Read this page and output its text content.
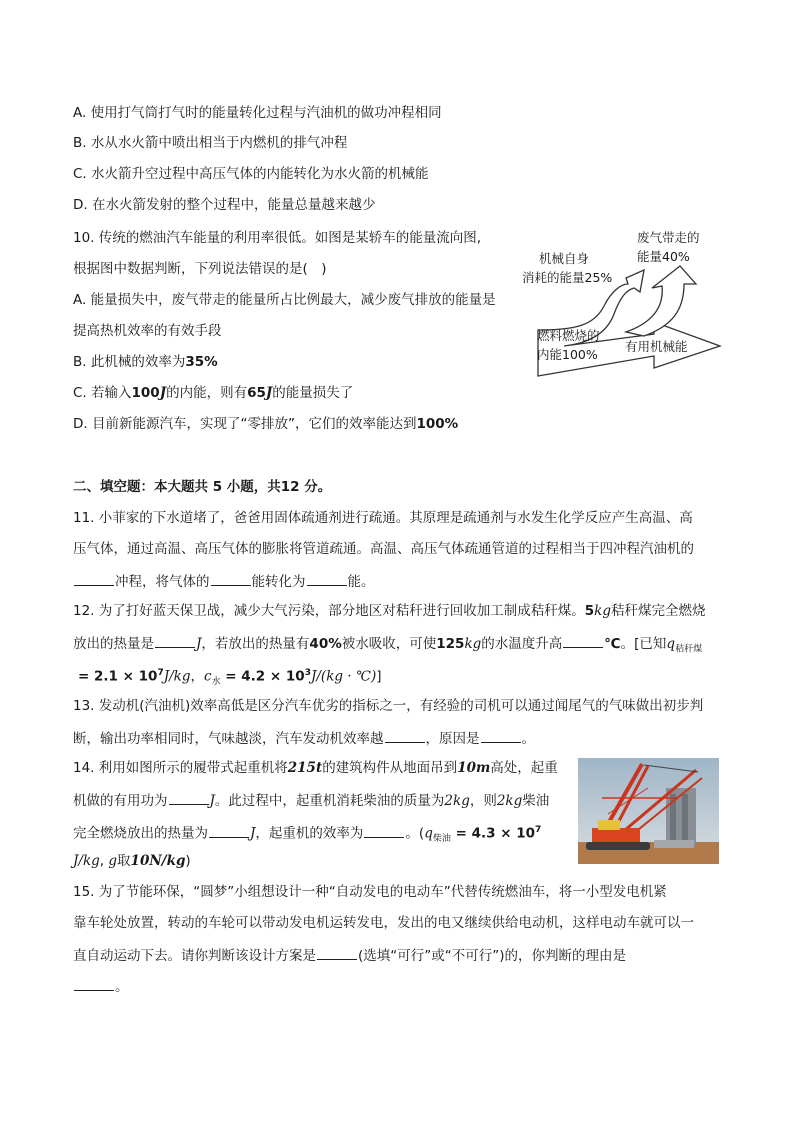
A. 使用打气筒打气时的能量转化过程与汽油机的做功冲程相同
B. 水从水火箭中喷出相当于内燃机的排气冲程
C. 水火箭升空过程中高压气体的内能转化为水火箭的机械能
D. 在水火箭发射的整个过程中，能量总量越来越少
10. 传统的燃油汽车能量的利用率很低。如图是某轿车的能量流向图,
根据图中数据判断，下列说法错误的是(　)
A. 能量损失中，废气带走的能量所占比例最大，减少废气排放的能量是
提高热机效率的有效手段
B. 此机械的效率为35%
C. 若输入100J的内能，则有65J的能量损失了
D. 目前新能源汽车，实现了“零排放”，它们的效率能达到100%
废气带走的
能量40%
机械自身
消耗的能量25%
燃料燃烧的
内能100%
有用机械能
二、填空题：本大题共 5 小题，共12 分。
11. 小菲家的下水道堵了，爸爸用固体疏通剂进行疏通。其原理是疏通剂与水发生化学反应产生高温、高
压气体，通过高温、高压气体的膨胀将管道疏通。高温、高压气体疏通管道的过程相当于四冲程汽油机的
冲程，将气体的	能转化为	能。
12. 为了打好蓝天保卫战，减少大气污染，部分地区对秸秆进行回收加工制成秸秆煤。5kg秸秆煤完全燃烧
放出的热量是	J，若放出的热量有40%被水吸收，可使125kg的水温度升高	℃。[已知$q_{秸秆煤}$
= $2.1 \times 10^7J/kg$，$c_水 = 4.2 \times 10^3J/(kg$ · ℃)]
13. 发动机(汽油机)效率高低是区分汽车优劣的指标之一，有经验的司机可以通过闻尾气的气味做出初步判
断，输出功率相同时，气味越淡，汽车发动机效率越	，原因是	。
14. 利用如图所示的履带式起重机将215t的建筑构件从地面吊到10m高处，起重
机做的有用功为	J。此过程中，起重机消耗柴油的质量为2kg，则2kg柴油
完全燃烧放出的热量为	J，起重机的效率为	。($q_{柴油} = 4.3 \times 10^7$
J/kg, g取10N/kg)
15. 为了节能环保，“圆梦”小组想设计一种“自动发电的电动车”代替传统燃油车，将一小型发电机紧
靠车轮处放置，转动的车轮可以带动发电机运转发电，发出的电又继续供给电动机，这样电动车就可以一
直自动运动下去。请你判断该设计方案是	(选填“可行”或“不可行”)的，你判断的理由是
。
